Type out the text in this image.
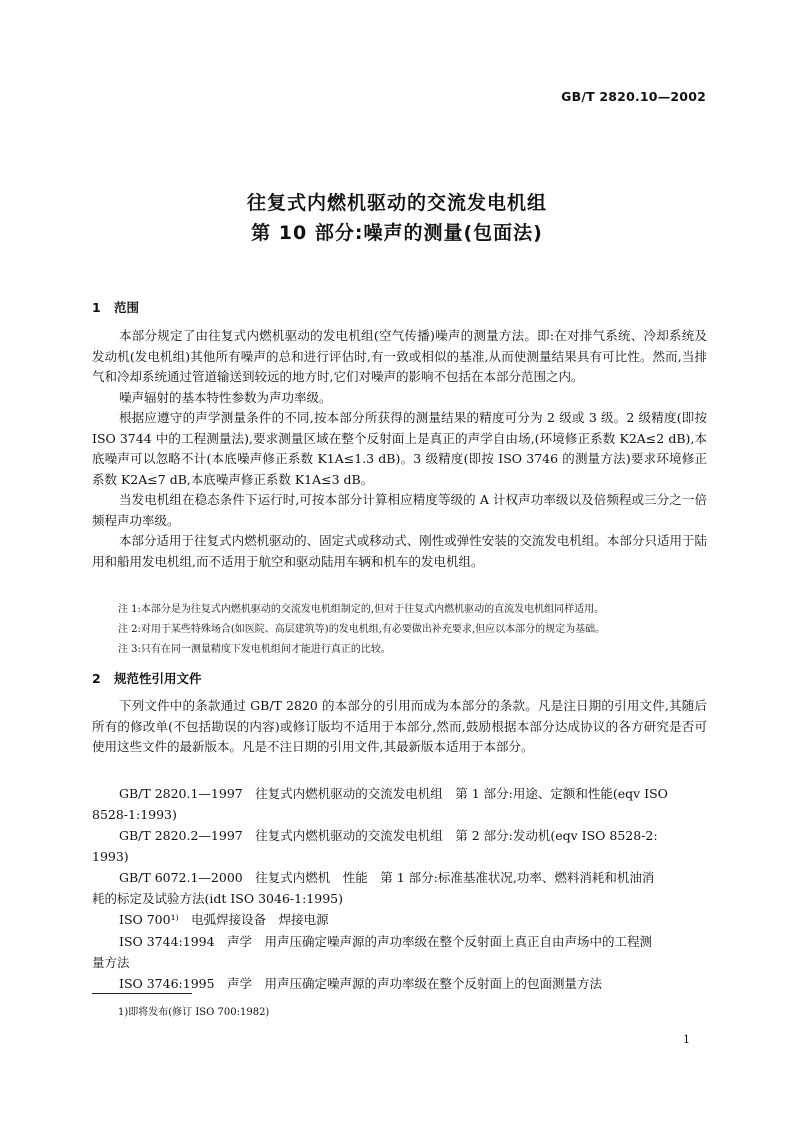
GB/T 2820.10—2002
往复式内燃机驱动的交流发电机组
第 10 部分:噪声的测量(包面法)
1 范围

本部分规定了由往复式内燃机驱动的发电机组(空气传播)噪声的测量方法。即:在对排气系统、冷却系统及发动机(发电机组)其他所有噪声的总和进行评估时,有一致或相似的基准,从而使测量结果具有可比性。然而,当排气和冷却系统通过管道输送到较远的地方时,它们对噪声的影响不包括在本部分范围之内。

噪声辐射的基本特性参数为声功率级。

根据应遵守的声学测量条件的不同,按本部分所获得的测量结果的精度可分为 2 级或 3 级。2 级精度(即按 ISO 3744 中的工程测量法),要求测量区域在整个反射面上是真正的声学自由场,(环境修正系数 K2A≤2 dB),本底噪声可以忽略不计(本底噪声修正系数 K1A≤1.3 dB)。3 级精度(即按 ISO 3746 的测量方法)要求环境修正系数 K2A≤7 dB,本底噪声修正系数 K1A≤3 dB。

当发电机组在稳态条件下运行时,可按本部分计算相应精度等级的 A 计权声功率级以及倍频程或三分之一倍频程声功率级。

本部分适用于往复式内燃机驱动的、固定式或移动式、刚性或弹性安装的交流发电机组。本部分只适用于陆用和船用发电机组,而不适用于航空和驱动陆用车辆和机车的发电机组。

注 1:本部分是为往复式内燃机驱动的交流发电机组制定的,但对于往复式内燃机驱动的直流发电机组同样适用。
注 2:对用于某些特殊场合(如医院、高层建筑等)的发电机组,有必要做出补充要求,但应以本部分的规定为基础。
注 3:只有在同一测量精度下发电机组间才能进行真正的比较。
2 规范性引用文件

下列文件中的条款通过 GB/T 2820 的本部分的引用而成为本部分的条款。凡是注日期的引用文件,其随后所有的修改单(不包括勘误的内容)或修订版均不适用于本部分,然而,鼓励根据本部分达成协议的各方研究是否可使用这些文件的最新版本。凡是不注日期的引用文件,其最新版本适用于本部分。

GB/T 2820.1—1997　往复式内燃机驱动的交流发电机组　第 1 部分:用途、定额和性能(eqv ISO
8528-1:1993)
GB/T 2820.2—1997　往复式内燃机驱动的交流发电机组　第 2 部分:发动机(eqv ISO 8528-2:
1993)
GB/T 6072.1—2000　往复式内燃机　性能　第 1 部分:标准基准状况,功率、燃料消耗和机油消
耗的标定及试验方法(idt ISO 3046-1:1995)
ISO 700¹⁾　电弧焊接设备　焊接电源
ISO 3744:1994　声学　用声压确定噪声源的声功率级在整个反射面上真正自由声场中的工程测
量方法
ISO 3746:1995　声学　用声压确定噪声源的声功率级在整个反射面上的包面测量方法
1)即将发布(修订 ISO 700:1982)
1
